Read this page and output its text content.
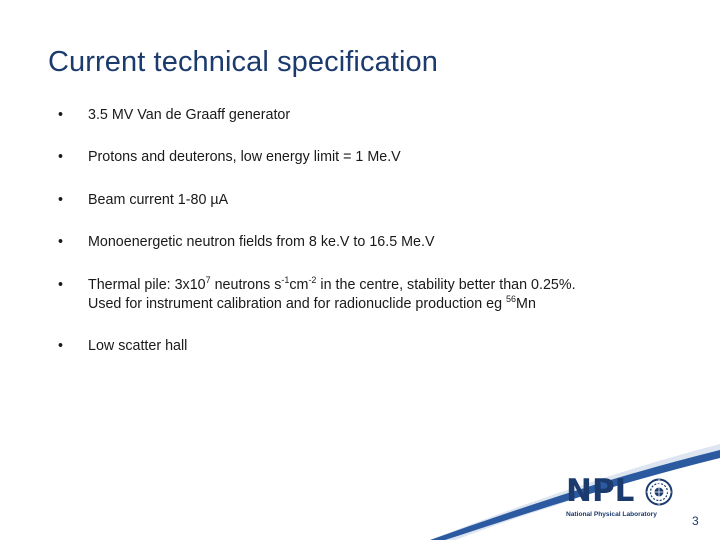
Current technical specification
•	3.5 MV Van de Graaff generator
•	Protons and deuterons, low energy limit = 1 Me.V
•	Beam current 1-80 µA
•	Monoenergetic neutron fields from 8 ke.V to 16.5 Me.V
•	Thermal pile: $3x10^7$ neutrons $s^{-1}cm^{-2}$ in the centre, stability better than 0.25%.
Used for instrument calibration and for radionuclide production eg $^{56}$Mn
•	Low scatter hall
NPL
National Physical Laboratory	3
